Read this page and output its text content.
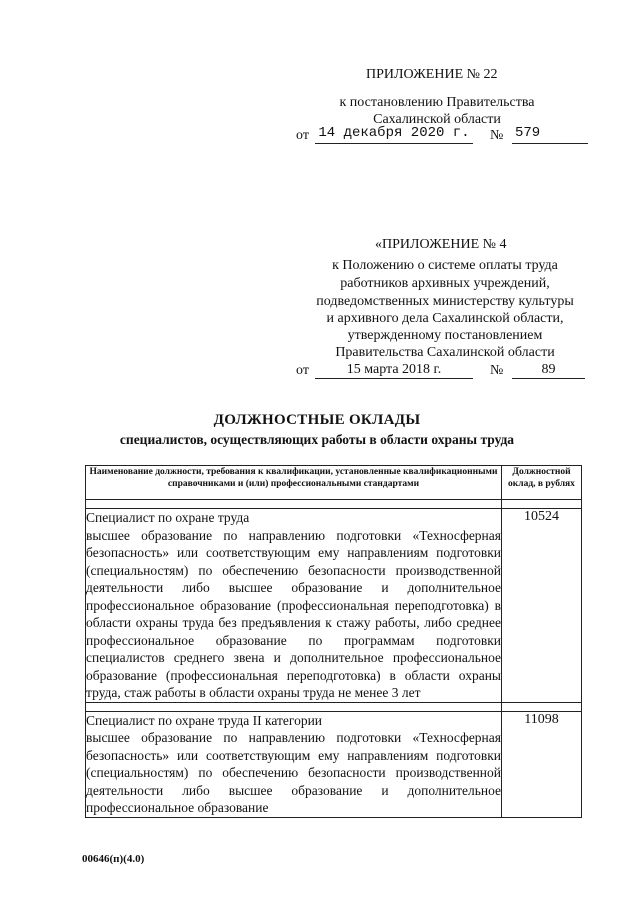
ПРИЛОЖЕНИЕ № 22
к постановлению Правительства
Сахалинской области
от 14 декабря 2020 г. № 579
«ПРИЛОЖЕНИЕ № 4
к Положению о системе оплаты труда
работников архивных учреждений,
подведомственных министерству культуры
и архивного дела Сахалинской области,
утвержденному постановлением
Правительства Сахалинской области
от	15 марта 2018 г.	№	89
ДОЛЖНОСТНЫЕ ОКЛАДЫ
специалистов, осуществляющих работы в области охраны труда
Наименование должности, требования к квалификации, установленные квалификационными справочниками и (или) профессиональными стандартами	Должностной оклад, в рублях

Специалист по охране труда
высшее образование по направлению подготовки «Техносферная безопасность» или соответствующим ему направлениям подготовки (специальностям) по обеспечению безопасности производственной деятельности либо высшее образование и дополнительное профессиональное образование (профессиональная переподготовка) в области охраны труда без предъявления к стажу работы, либо среднее профессиональное образование по программам подготовки специалистов среднего звена и дополнительное профессиональное образование (профессиональная переподготовка) в области охраны труда, стаж работы в области охраны труда не менее 3 лет	10524

Специалист по охране труда II категории
высшее образование по направлению подготовки «Техносферная безопасность» или соответствующим ему направлениям подготовки (специальностям) по обеспечению безопасности производственной деятельности либо высшее образование и дополнительное профессиональное образование	11098
00646(п)(4.0)
